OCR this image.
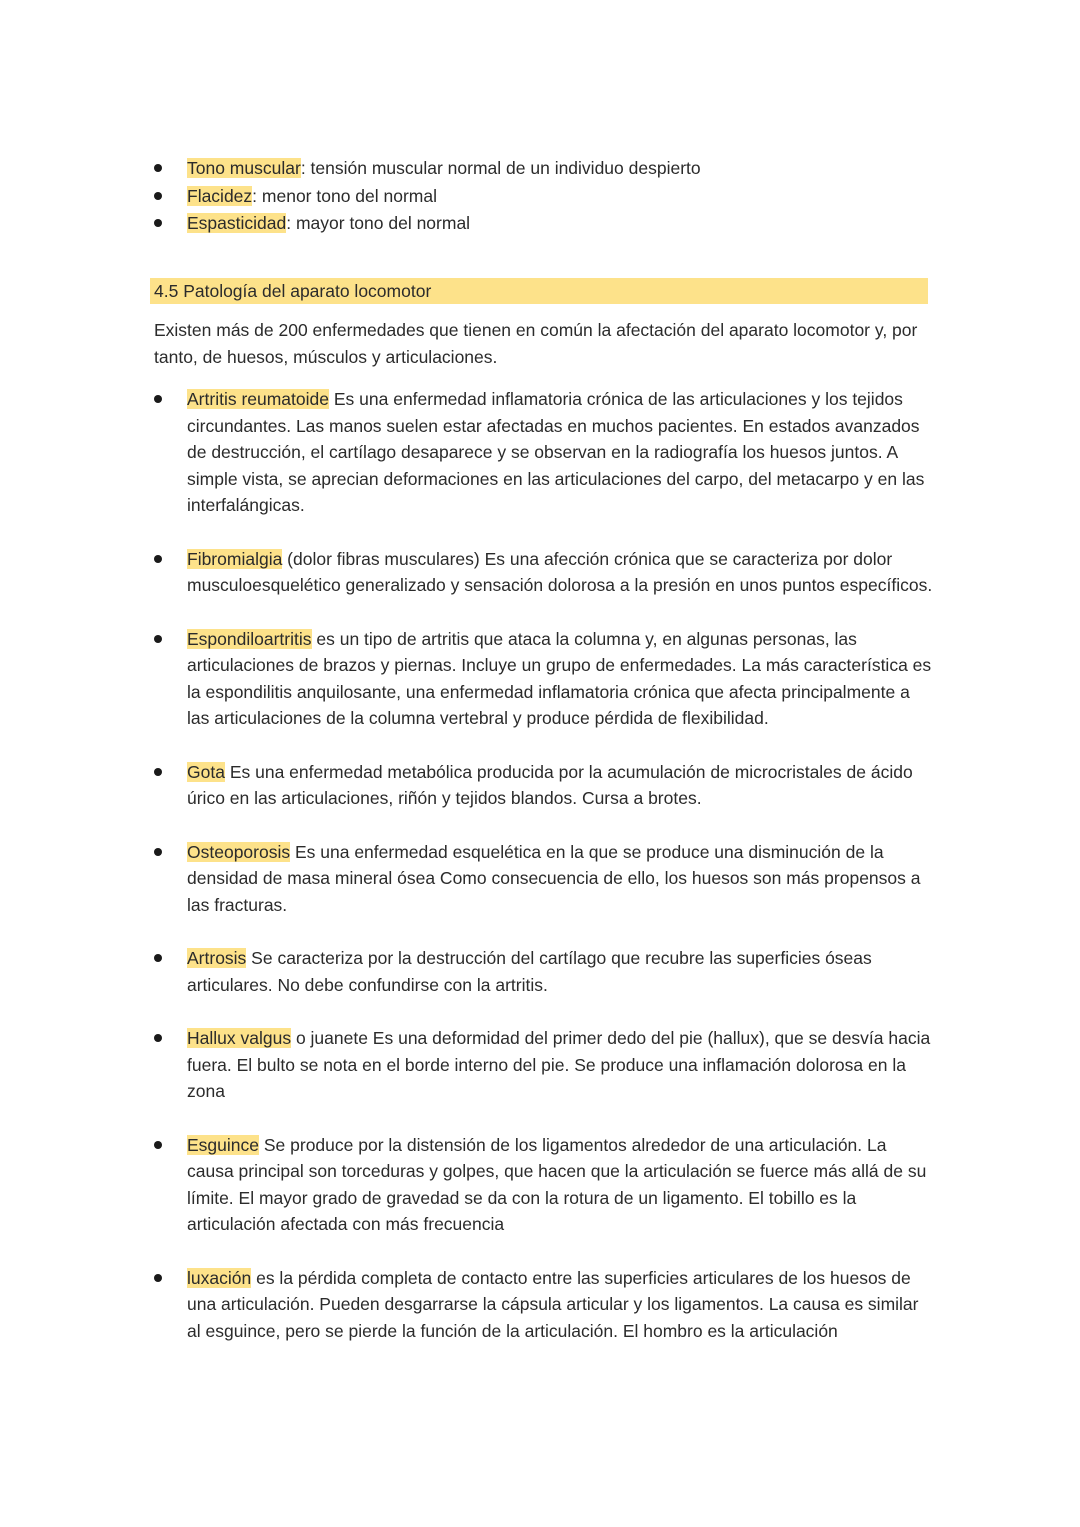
Tono muscular: tensión muscular normal de un individuo despierto
Flacidez: menor tono del normal
Espasticidad: mayor tono del normal
4.5 Patología del aparato locomotor

Existen más de 200 enfermedades que tienen en común la afectación del aparato locomotor y, por tanto, de huesos, músculos y articulaciones.

Artritis reumatoide Es una enfermedad inflamatoria crónica de las articulaciones y los tejidos circundantes. Las manos suelen estar afectadas en muchos pacientes. En estados avanzados de destrucción, el cartílago desaparece y se observan en la radiografía los huesos juntos. A simple vista, se aprecian deformaciones en las articulaciones del carpo, del metacarpo y en las interfalángicas.
Fibromialgia (dolor fibras musculares) Es una afección crónica que se caracteriza por dolor musculoesquelético generalizado y sensación dolorosa a la presión en unos puntos específicos.
Espondiloartritis es un tipo de artritis que ataca la columna y, en algunas personas, las articulaciones de brazos y piernas. Incluye un grupo de enfermedades. La más característica es la espondilitis anquilosante, una enfermedad inflamatoria crónica que afecta principalmente a las articulaciones de la columna vertebral y produce pérdida de flexibilidad.
Gota Es una enfermedad metabólica producida por la acumulación de microcristales de ácido úrico en las articulaciones, riñón y tejidos blandos. Cursa a brotes.
Osteoporosis Es una enfermedad esquelética en la que se produce una disminución de la densidad de masa mineral ósea Como consecuencia de ello, los huesos son más propensos a las fracturas.
Artrosis Se caracteriza por la destrucción del cartílago que recubre las superficies óseas articulares. No debe confundirse con la artritis.
Hallux valgus o juanete Es una deformidad del primer dedo del pie (hallux), que se desvía hacia fuera. El bulto se nota en el borde interno del pie. Se produce una inflamación dolorosa en la zona
Esguince Se produce por la distensión de los ligamentos alrededor de una articulación. La causa principal son torceduras y golpes, que hacen que la articulación se fuerce más allá de su límite. El mayor grado de gravedad se da con la rotura de un ligamento. El tobillo es la articulación afectada con más frecuencia
luxación es la pérdida completa de contacto entre las superficies articulares de los huesos de una articulación. Pueden desgarrarse la cápsula articular y los ligamentos. La causa es similar al esguince, pero se pierde la función de la articulación. El hombro es la articulación
